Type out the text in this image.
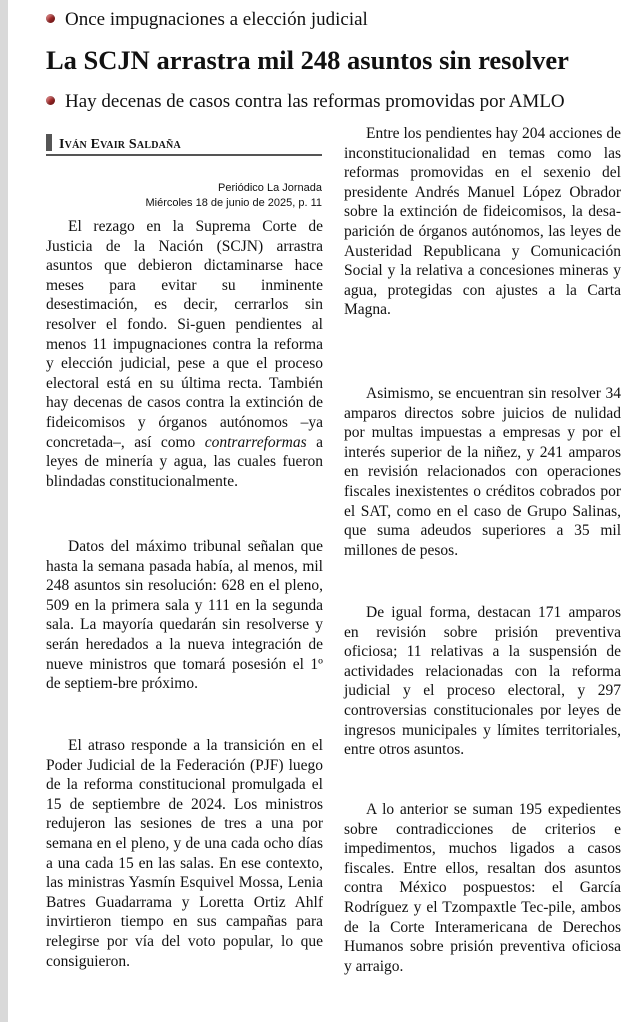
Once impugnaciones a elección judicial
La SCJN arrastra mil 248 asuntos sin resolver
Hay decenas de casos contra las reformas promovidas por AMLO
Iván Evair Saldaña
Periódico La Jornada
Miércoles 18 de junio de 2025, p. 11

El rezago en la Suprema Corte de Justicia de la Nación (SCJN) arrastra asuntos que debieron dictaminarse hace meses para evitar su inminente desestimación, es decir, cerrarlos sin resolver el fondo. Si-guen pendientes al menos 11 impugnaciones contra la reforma y elección judicial, pese a que el proceso electoral está en su última recta. También hay decenas de casos contra la extinción de fideicomisos y órganos autónomos –ya concretada–, así como contrarreformas a leyes de minería y agua, las cuales fueron blindadas constitucionalmente.

Datos del máximo tribunal señalan que hasta la semana pasada había, al menos, mil 248 asuntos sin resolución: 628 en el pleno, 509 en la primera sala y 111 en la segunda sala. La mayoría quedarán sin resolverse y serán heredados a la nueva integración de nueve ministros que tomará posesión el 1º de septiem-bre próximo.

El atraso responde a la transición en el Poder Judicial de la Federación (PJF) luego de la reforma constitucional promulgada el 15 de septiembre de 2024. Los ministros redujeron las sesiones de tres a una por semana en el pleno, y de una cada ocho días a una cada 15 en las salas. En ese contexto, las ministras Yasmín Esquivel Mossa, Lenia Batres Guadarrama y Loretta Ortiz Ahlf invirtieron tiempo en sus campañas para relegirse por vía del voto popular, lo que consiguieron.

Entre los pendientes hay 204 acciones de inconstitucionalidad en temas como las reformas promovidas en el sexenio del presidente Andrés Manuel López Obrador sobre la extinción de fideicomisos, la desa-parición de órganos autónomos, las leyes de Austeridad Republicana y Comunicación Social y la relativa a concesiones mineras y agua, protegidas con ajustes a la Carta Magna.

Asimismo, se encuentran sin resolver 34 amparos directos sobre juicios de nulidad por multas impuestas a empresas y por el interés superior de la niñez, y 241 amparos en revisión relacionados con operaciones fiscales inexistentes o créditos cobrados por el SAT, como en el caso de Grupo Salinas, que suma adeudos superiores a 35 mil millones de pesos.

De igual forma, destacan 171 amparos en revisión sobre prisión preventiva oficiosa; 11 relativas a la suspensión de actividades relacionadas con la reforma judicial y el proceso electoral, y 297 controversias constitucionales por leyes de ingresos municipales y límites territoriales, entre otros asuntos.

A lo anterior se suman 195 expedientes sobre contradicciones de criterios e impedimentos, muchos ligados a casos fiscales. Entre ellos, resaltan dos asuntos contra México pospuestos: el García Rodríguez y el Tzompaxtle Tec-pile, ambos de la Corte Interamericana de Derechos Humanos sobre prisión preventiva oficiosa y arraigo.
